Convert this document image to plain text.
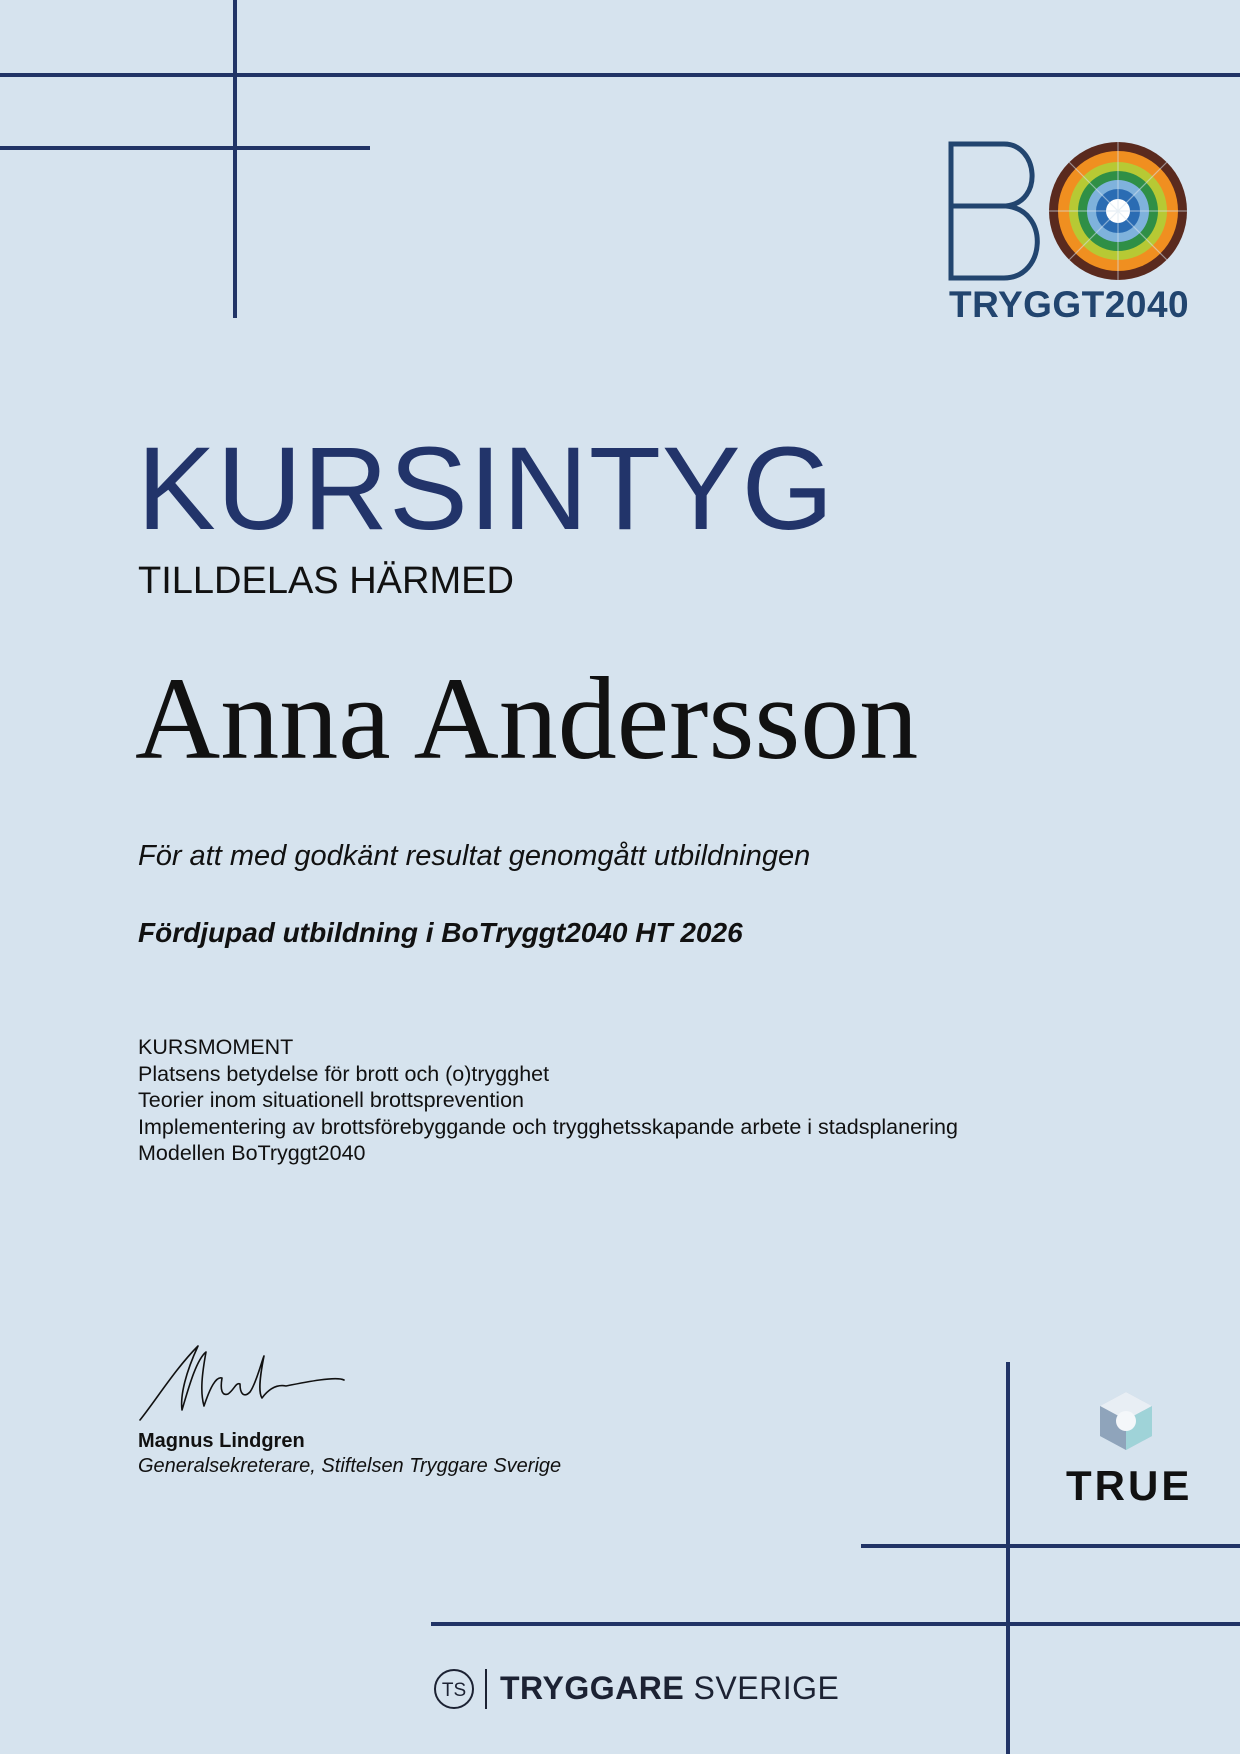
TRYGGT2040
KURSINTYG
TILLDELAS HÄRMED
Anna Andersson
För att med godkänt resultat genomgått utbildningen
Fördjupad utbildning i BoTryggt2040 HT 2026
KURSMOMENT
Platsens betydelse för brott och (o)trygghet
Teorier inom situationell brottsprevention
Implementering av brottsförebyggande och trygghetsskapande arbete i stadsplanering
Modellen BoTryggt2040
Magnus Lindgren
Generalsekreterare, Stiftelsen Tryggare Sverige	TRUE
TS TRYGGARE SVERIGE
